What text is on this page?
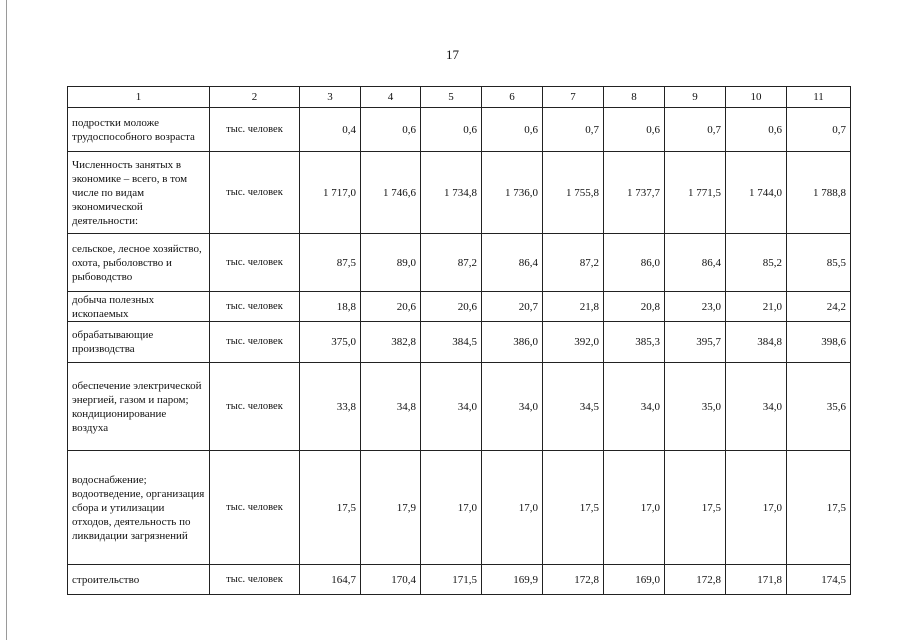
17
1	2	3	4	5	6	7	8	9	10	11
подростки моложе трудоспособного возраста	тыс. человек	0,4	0,6	0,6	0,6	0,7	0,6	0,7	0,6	0,7
Численность занятых в экономике – всего, в том числе по видам экономической деятельности:	тыс. человек	1 717,0	1 746,6	1 734,8	1 736,0	1 755,8	1 737,7	1 771,5	1 744,0	1 788,8
сельское, лесное хозяйство, охота, рыболовство и рыбоводство	тыс. человек	87,5	89,0	87,2	86,4	87,2	86,0	86,4	85,2	85,5
добыча полезных ископаемых	тыс. человек	18,8	20,6	20,6	20,7	21,8	20,8	23,0	21,0	24,2
обрабатывающие производства	тыс. человек	375,0	382,8	384,5	386,0	392,0	385,3	395,7	384,8	398,6
обеспечение электрической энергией, газом и паром; кондиционирование воздуха	тыс. человек	33,8	34,8	34,0	34,0	34,5	34,0	35,0	34,0	35,6
водоснабжение; водоотведение, организация сбора и утилизации отходов, деятельность по ликвидации загрязнений	тыс. человек	17,5	17,9	17,0	17,0	17,5	17,0	17,5	17,0	17,5
строительство	тыс. человек	164,7	170,4	171,5	169,9	172,8	169,0	172,8	171,8	174,5
